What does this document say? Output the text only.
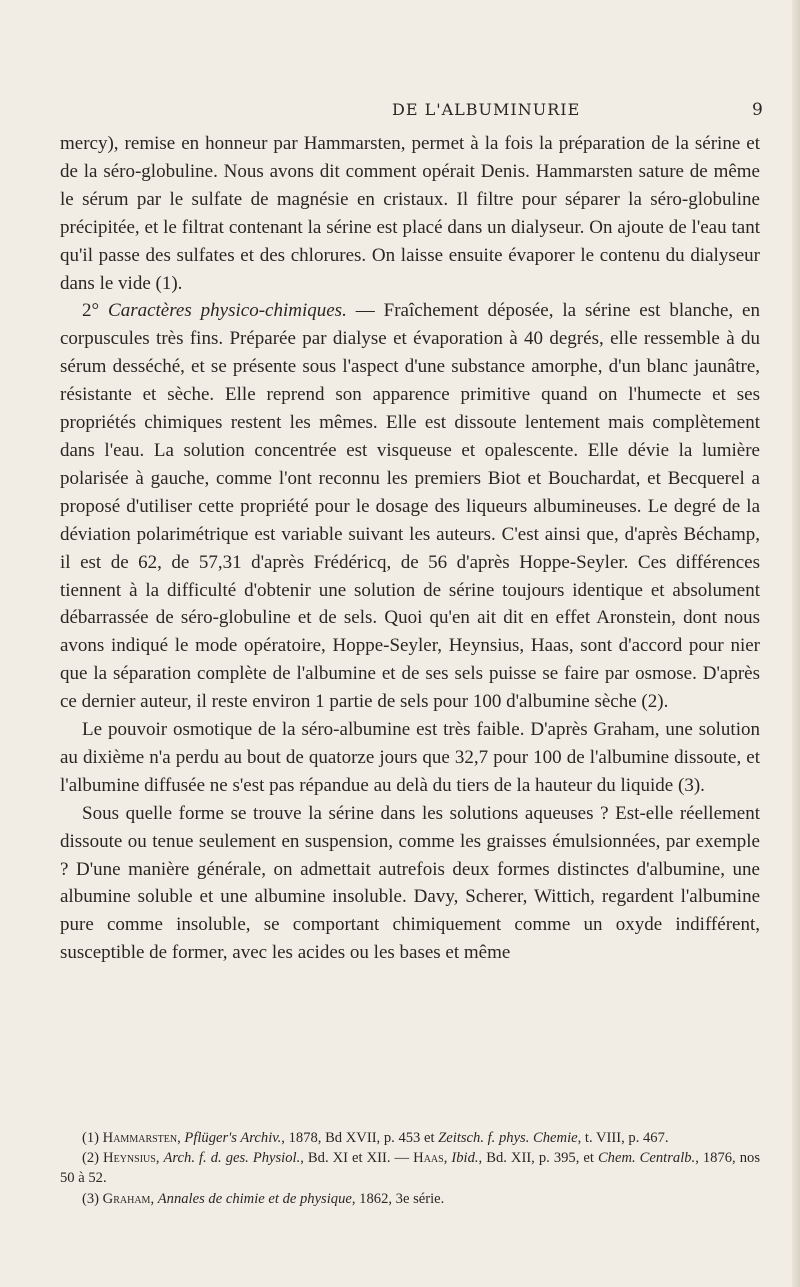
DE L'ALBUMINURIE	9

mercy), remise en honneur par Hammarsten, permet à la fois la préparation de la sérine et de la séro-globuline. Nous avons dit comment opérait Denis. Hammarsten sature de même le sérum par le sulfate de magnésie en cristaux. Il filtre pour séparer la séro-globuline précipitée, et le filtrat contenant la sérine est placé dans un dialyseur. On ajoute de l'eau tant qu'il passe des sulfates et des chlorures. On laisse ensuite évaporer le contenu du dialyseur dans le vide (1).

2° Caractères physico-chimiques. — Fraîchement déposée, la sérine est blanche, en corpuscules très fins. Préparée par dialyse et évaporation à 40 degrés, elle ressemble à du sérum desséché, et se présente sous l'aspect d'une substance amorphe, d'un blanc jaunâtre, résistante et sèche. Elle reprend son apparence primitive quand on l'humecte et ses propriétés chimiques restent les mêmes. Elle est dissoute lentement mais complètement dans l'eau. La solution concentrée est visqueuse et opalescente. Elle dévie la lumière polarisée à gauche, comme l'ont reconnu les premiers Biot et Bouchardat, et Becquerel a proposé d'utiliser cette propriété pour le dosage des liqueurs albumineuses. Le degré de la déviation polarimétrique est variable suivant les auteurs. C'est ainsi que, d'après Béchamp, il est de 62, de 57,31 d'après Frédéricq, de 56 d'après Hoppe-Seyler. Ces différences tiennent à la difficulté d'obtenir une solution de sérine toujours identique et absolument débarrassée de séro-globuline et de sels. Quoi qu'en ait dit en effet Aronstein, dont nous avons indiqué le mode opératoire, Hoppe-Seyler, Heynsius, Haas, sont d'accord pour nier que la séparation complète de l'albumine et de ses sels puisse se faire par osmose. D'après ce dernier auteur, il reste environ 1 partie de sels pour 100 d'albumine sèche (2).

Le pouvoir osmotique de la séro-albumine est très faible. D'après Graham, une solution au dixième n'a perdu au bout de quatorze jours que 32,7 pour 100 de l'albumine dissoute, et l'albumine diffusée ne s'est pas répandue au delà du tiers de la hauteur du liquide (3).

Sous quelle forme se trouve la sérine dans les solutions aqueuses ? Est-elle réellement dissoute ou tenue seulement en suspension, comme les graisses émulsionnées, par exemple ? D'une manière générale, on admettait autrefois deux formes distinctes d'albumine, une albumine soluble et une albumine insoluble. Davy, Scherer, Wittich, regardent l'albumine pure comme insoluble, se comportant chimiquement comme un oxyde indifférent, susceptible de former, avec les acides ou les bases et même

(1) Hammarsten, Pflüger's Archiv., 1878, Bd XVII, p. 453 et Zeitsch. f. phys. Chemie, t. VIII, p. 467.

(2) Heynsius, Arch. f. d. ges. Physiol., Bd. XI et XII. — Haas, Ibid., Bd. XII, p. 395, et Chem. Centralb., 1876, nos 50 à 52.

(3) Graham, Annales de chimie et de physique, 1862, 3e série.
